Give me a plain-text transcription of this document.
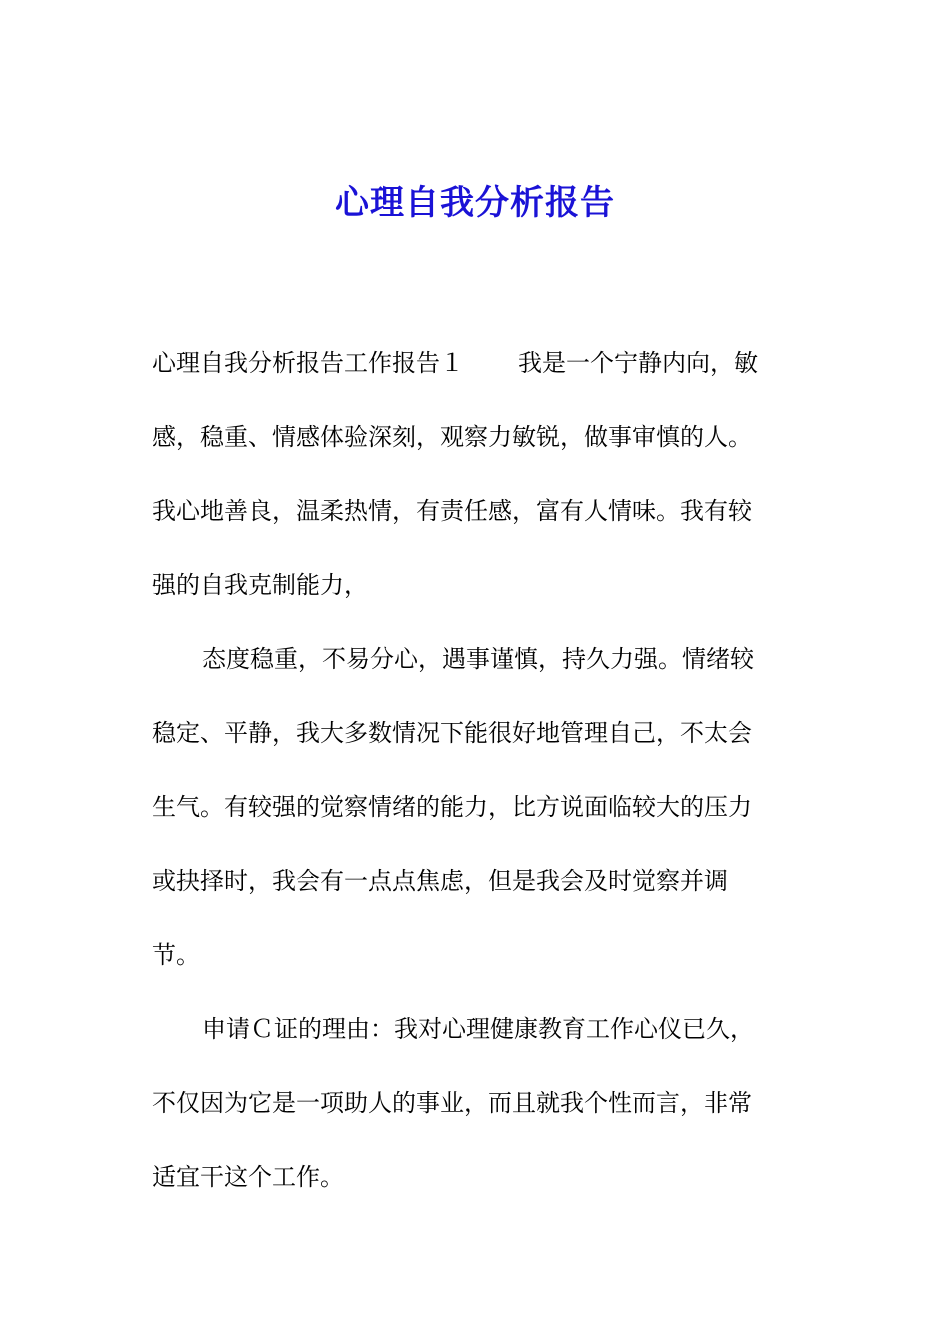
心理自我分析报告

心理自我分析报告工作报告１ 我是一个宁静内向，敏
感，稳重、情感体验深刻，观察力敏锐，做事审慎的人。
我心地善良，温柔热情，有责任感，富有人情味。我有较
强的自我克制能力，

态度稳重，不易分心，遇事谨慎，持久力强。情绪较
稳定、平静，我大多数情况下能很好地管理自己，不太会
生气。有较强的觉察情绪的能力，比方说面临较大的压力
或抉择时，我会有一点点焦虑，但是我会及时觉察并调
节。

申请Ｃ证的理由：我对心理健康教育工作心仪已久，
不仅因为它是一项助人的事业，而且就我个性而言，非常
适宜干这个工作。
